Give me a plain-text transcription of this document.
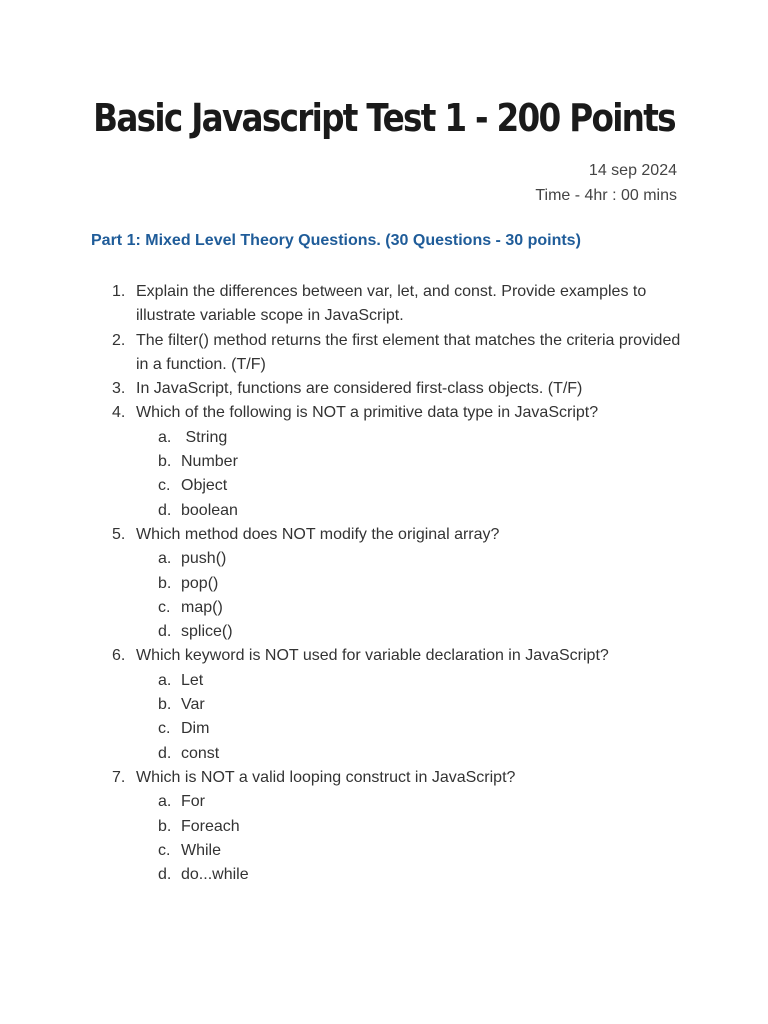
Basic Javascript Test 1 - 200 Points
14 sep 2024
Time - 4hr : 00 mins
Part 1: Mixed Level Theory Questions. (30 Questions - 30 points)
1. Explain the differences between var, let, and const. Provide examples to illustrate variable scope in JavaScript.
2. The filter() method returns the first element that matches the criteria provided in a function. (T/F)
3. In JavaScript, functions are considered first-class objects. (T/F)
4. Which of the following is NOT a primitive data type in JavaScript?
a. String
b. Number
c. Object
d. boolean
5. Which method does NOT modify the original array?
a. push()
b. pop()
c. map()
d. splice()
6. Which keyword is NOT used for variable declaration in JavaScript?
a. Let
b. Var
c. Dim
d. const
7. Which is NOT a valid looping construct in JavaScript?
a. For
b. Foreach
c. While
d. do...while
